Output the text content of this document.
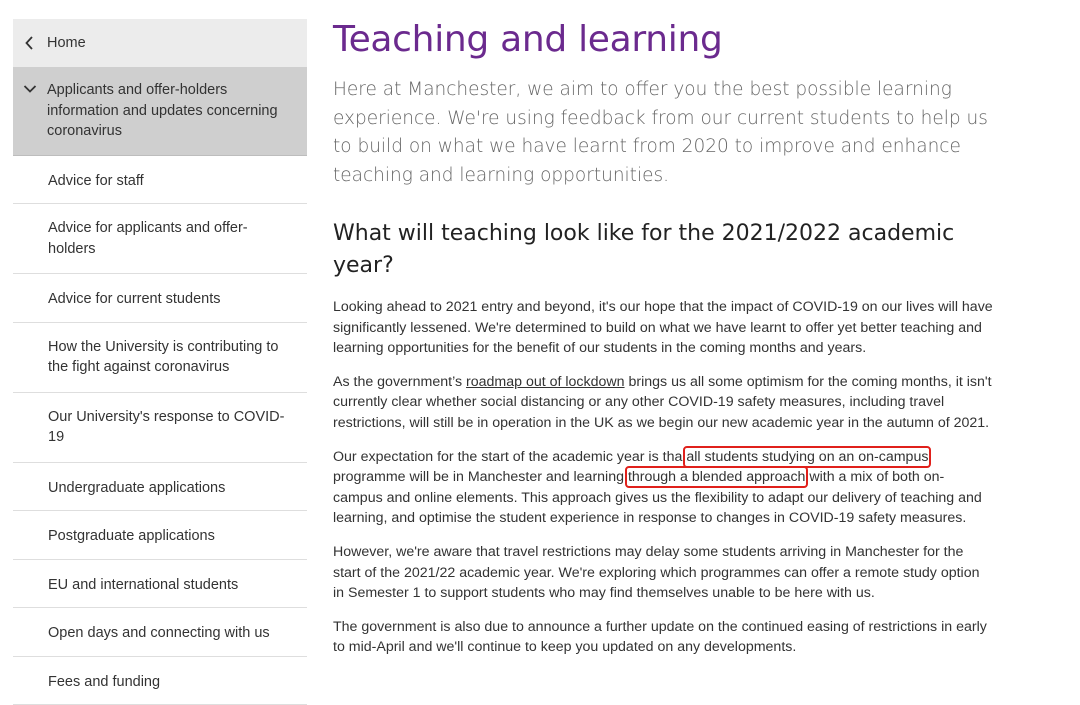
Home
Applicants and offer-holders information and updates concerning coronavirus
Advice for staff
Advice for applicants and offer-holders
Advice for current students
How the University is contributing to the fight against coronavirus
Our University's response to COVID-19
Undergraduate applications
Postgraduate applications
EU and international students
Open days and connecting with us
Fees and funding
Teaching and learning

Here at Manchester, we aim to offer you the best possible learning experience. We're using feedback from our current students to help us to build on what we have learnt from 2020 to improve and enhance teaching and learning opportunities.

What will teaching look like for the 2021/2022 academic year?

Looking ahead to 2021 entry and beyond, it's our hope that the impact of COVID-19 on our lives will have significantly lessened. We're determined to build on what we have learnt to offer yet better teaching and learning opportunities for the benefit of our students in the coming months and years.

As the government’s roadmap out of lockdown brings us all some optimism for the coming months, it isn't currently clear whether social distancing or any other COVID-19 safety measures, including travel restrictions, will still be in operation in the UK as we begin our new academic year in the autumn of 2021.

Our expectation for the start of the academic year is tha all students studying on an on-campus programme will be in Manchester and learning through a blended approach with a mix of both on-campus and online elements. This approach gives us the flexibility to adapt our delivery of teaching and learning, and optimise the student experience in response to changes in COVID-19 safety measures.

However, we're aware that travel restrictions may delay some students arriving in Manchester for the start of the 2021/22 academic year. We're exploring which programmes can offer a remote study option in Semester 1 to support students who may find themselves unable to be here with us.

The government is also due to announce a further update on the continued easing of restrictions in early to mid-April and we'll continue to keep you updated on any developments.
